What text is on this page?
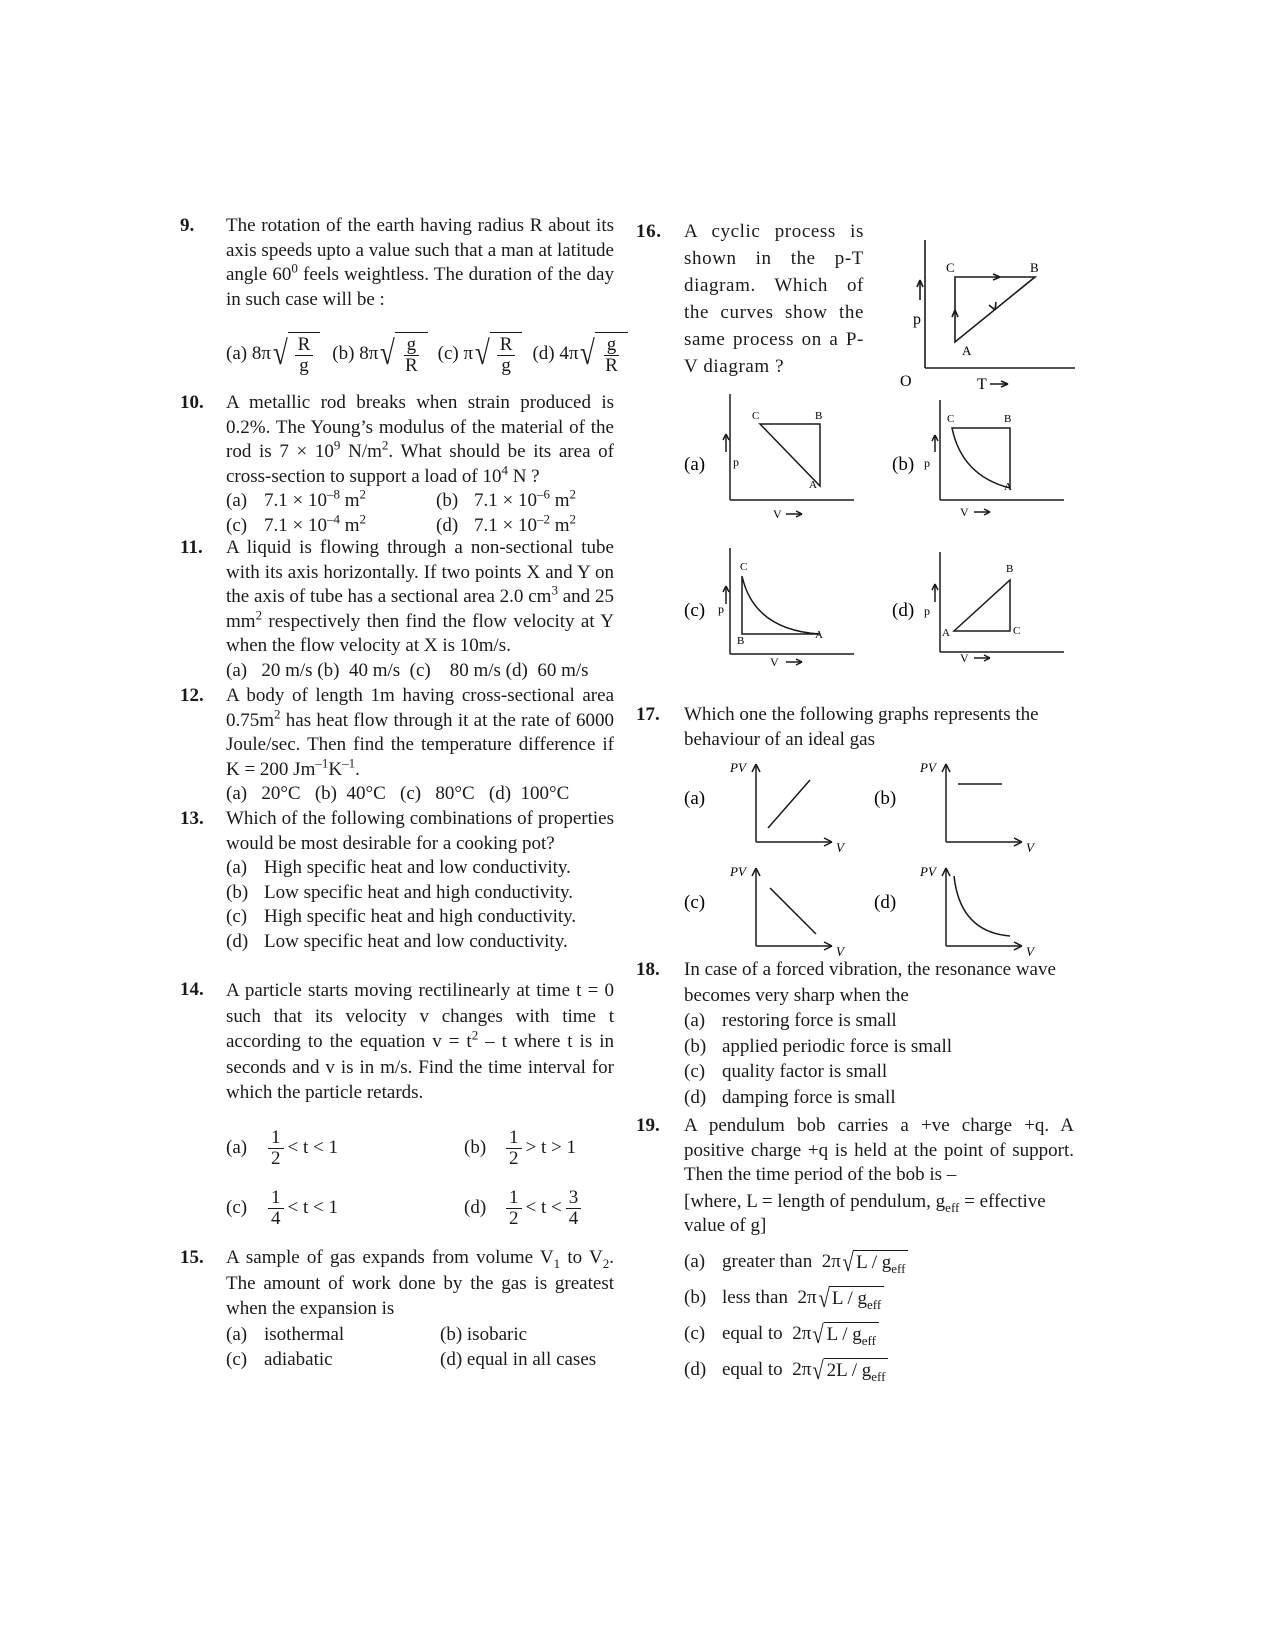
9. The rotation of the earth having radius R about its axis speeds upto a value such that a man at latitude angle $60^0$ feels weightless. The duration of the day in such case will be :
(a)
8π √ $\frac{R}{g} (b)$
8π √ $\frac{g}{R} (c)$
π √ $\frac{R}{g} (d)$
4π √ $\frac{g}{R}$
10. A metallic rod breaks when strain produced is 0.2%. The Young’s modulus of the material of the rod is $7 \times 10^9$ $N/m^2$. What should be its area of cross-section to support a load of $10^4$ N ?
(a) $7.1 \times 10^{-8}$ $m^2$	(b) $7.1 \times 10^{-6}$ $m^2$
(c) $7.1 \times 10^{-4}$ $m^2$	(d) $7.1 \times 10^{-2}$ $m^2$
11. A liquid is flowing through a non-sectional tube with its axis horizontally. If two points X and Y on the axis of tube has a sectional area 2.0 $cm^3$ and 25 $mm^2$ respectively then find the flow velocity at Y when the flow velocity at X is 10m/s.
(a)   20 m/s (b)  40 m/s  (c)    80 m/s (d)  60 m/s
12. A body of length 1m having cross-sectional area $0.75m^2$ has heat flow through it at the rate of 6000 Joule/sec. Then find the temperature difference if K = 200 $Jm^{-1}K^{-1}$.
(a)   20°C   (b)  40°C   (c)   80°C   (d)  100°C
13. Which of the following combinations of properties would be most desirable for a cooking pot?
(a) High specific heat and low conductivity.
(b) Low specific heat and high conductivity.
(c) High specific heat and high conductivity.
(d) Low specific heat and low conductivity.
14. A particle starts moving rectilinearly at time t = 0 such that its velocity v changes with time t according to the equation $v = t^2 - t$ where t is in seconds and v is in m/s. Find the time interval for which the particle retards.
(a)	$\frac{1}{2} < t < 1$	(b)	$\frac{1}{2} > t > 1$
(c)	$\frac{1}{4} < t < 1$	(d)	$\frac{1}{2} < t < \frac{3}{4}$
15. A sample of gas expands from volume $V_1$ to $V_2$. The amount of work done by the gas is greatest when the expansion is
(a) isothermal	(b) isobaric
(c) adiabatic	(d) equal in all cases
16. A cyclic process is shown in the p-T diagram. Which of the curves show the same process on a P-V diagram ?
C	B
A
p
T
O
(a)
C	B
A
p
V
(b)
C	B
A
p
V
(c)
C
B	A
p
V
(d)
B
A	C
p
V
17. Which one the following graphs represents the behaviour of an ideal gas
(a)
PV
V
(b)
PV
V
(c)
PV
V
(d)
PV
V
18. In case of a forced vibration, the resonance wave becomes very sharp when the
(a) restoring force is small
(b) applied periodic force is small
(c) quality factor is small
(d) damping force is small
19. A pendulum bob carries a +ve charge +q. A positive charge +q is held at the point of support. Then the time period of the bob is –
[where, L = length of pendulum, $g_{eff}$ = effective value of g]
(a) greater than
2π √ L / $g_{eff}$
(b) less than
2π √ L / $g_{eff}$
(c) equal to
2π √ L / $g_{eff}$
(d) equal to
2π √ $2L / g_{eff}$
